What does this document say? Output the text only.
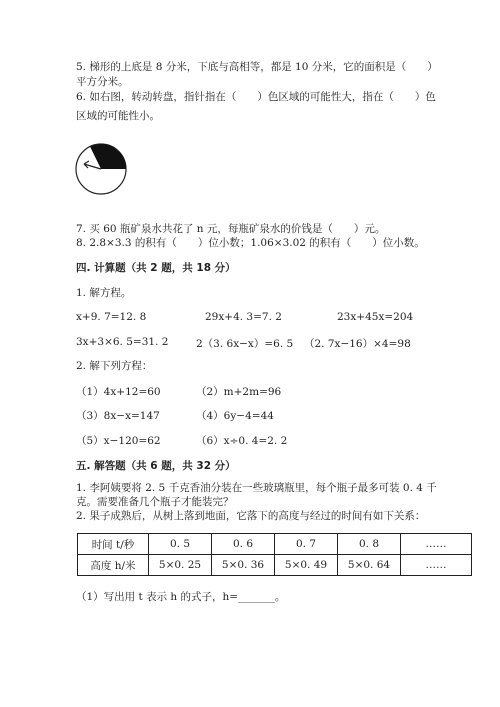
5. 梯形的上底是 8 分米，下底与高相等，都是 10 分米，它的面积是（　　）
平方分米。
6. 如右图，转动转盘，指针指在（　　）色区域的可能性大，指在（　　）色
区域的可能性小。
7. 买 60 瓶矿泉水共花了 n 元，每瓶矿泉水的价钱是（　　）元。
8. 2.8×3.3 的积有（　　）位小数；1.06×3.02 的积有（　　）位小数。
四. 计算题（共 2 题，共 18 分）
1. 解方程。
x+9. 7=12. 8	29x+4. 3=7. 2	23x+45x=204
3x+3×6. 5=31. 2	2（3. 6x−x）=6. 5 （2. 7x−16）×4=98
2. 解下列方程：
（1）4x+12=60	（2）m+2m=96
（3）8x−x=147	（4）6y−4=44
（5）x−120=62	（6）x÷0. 4=2. 2
五. 解答题（共 6 题，共 32 分）
1. 李阿姨要将 2. 5 千克香油分装在一些玻璃瓶里，每个瓶子最多可装 0. 4 千
克。需要准备几个瓶子才能装完？
2. 果子成熟后，从树上落到地面，它落下的高度与经过的时间有如下关系：
时间 t/秒	0. 5	0. 6	0. 7	0. 8	……
高度 h/米	5×0. 25	5×0. 36	5×0. 49	5×0. 64	……
（1）写出用 t 表示 h 的式子，h=_______。
